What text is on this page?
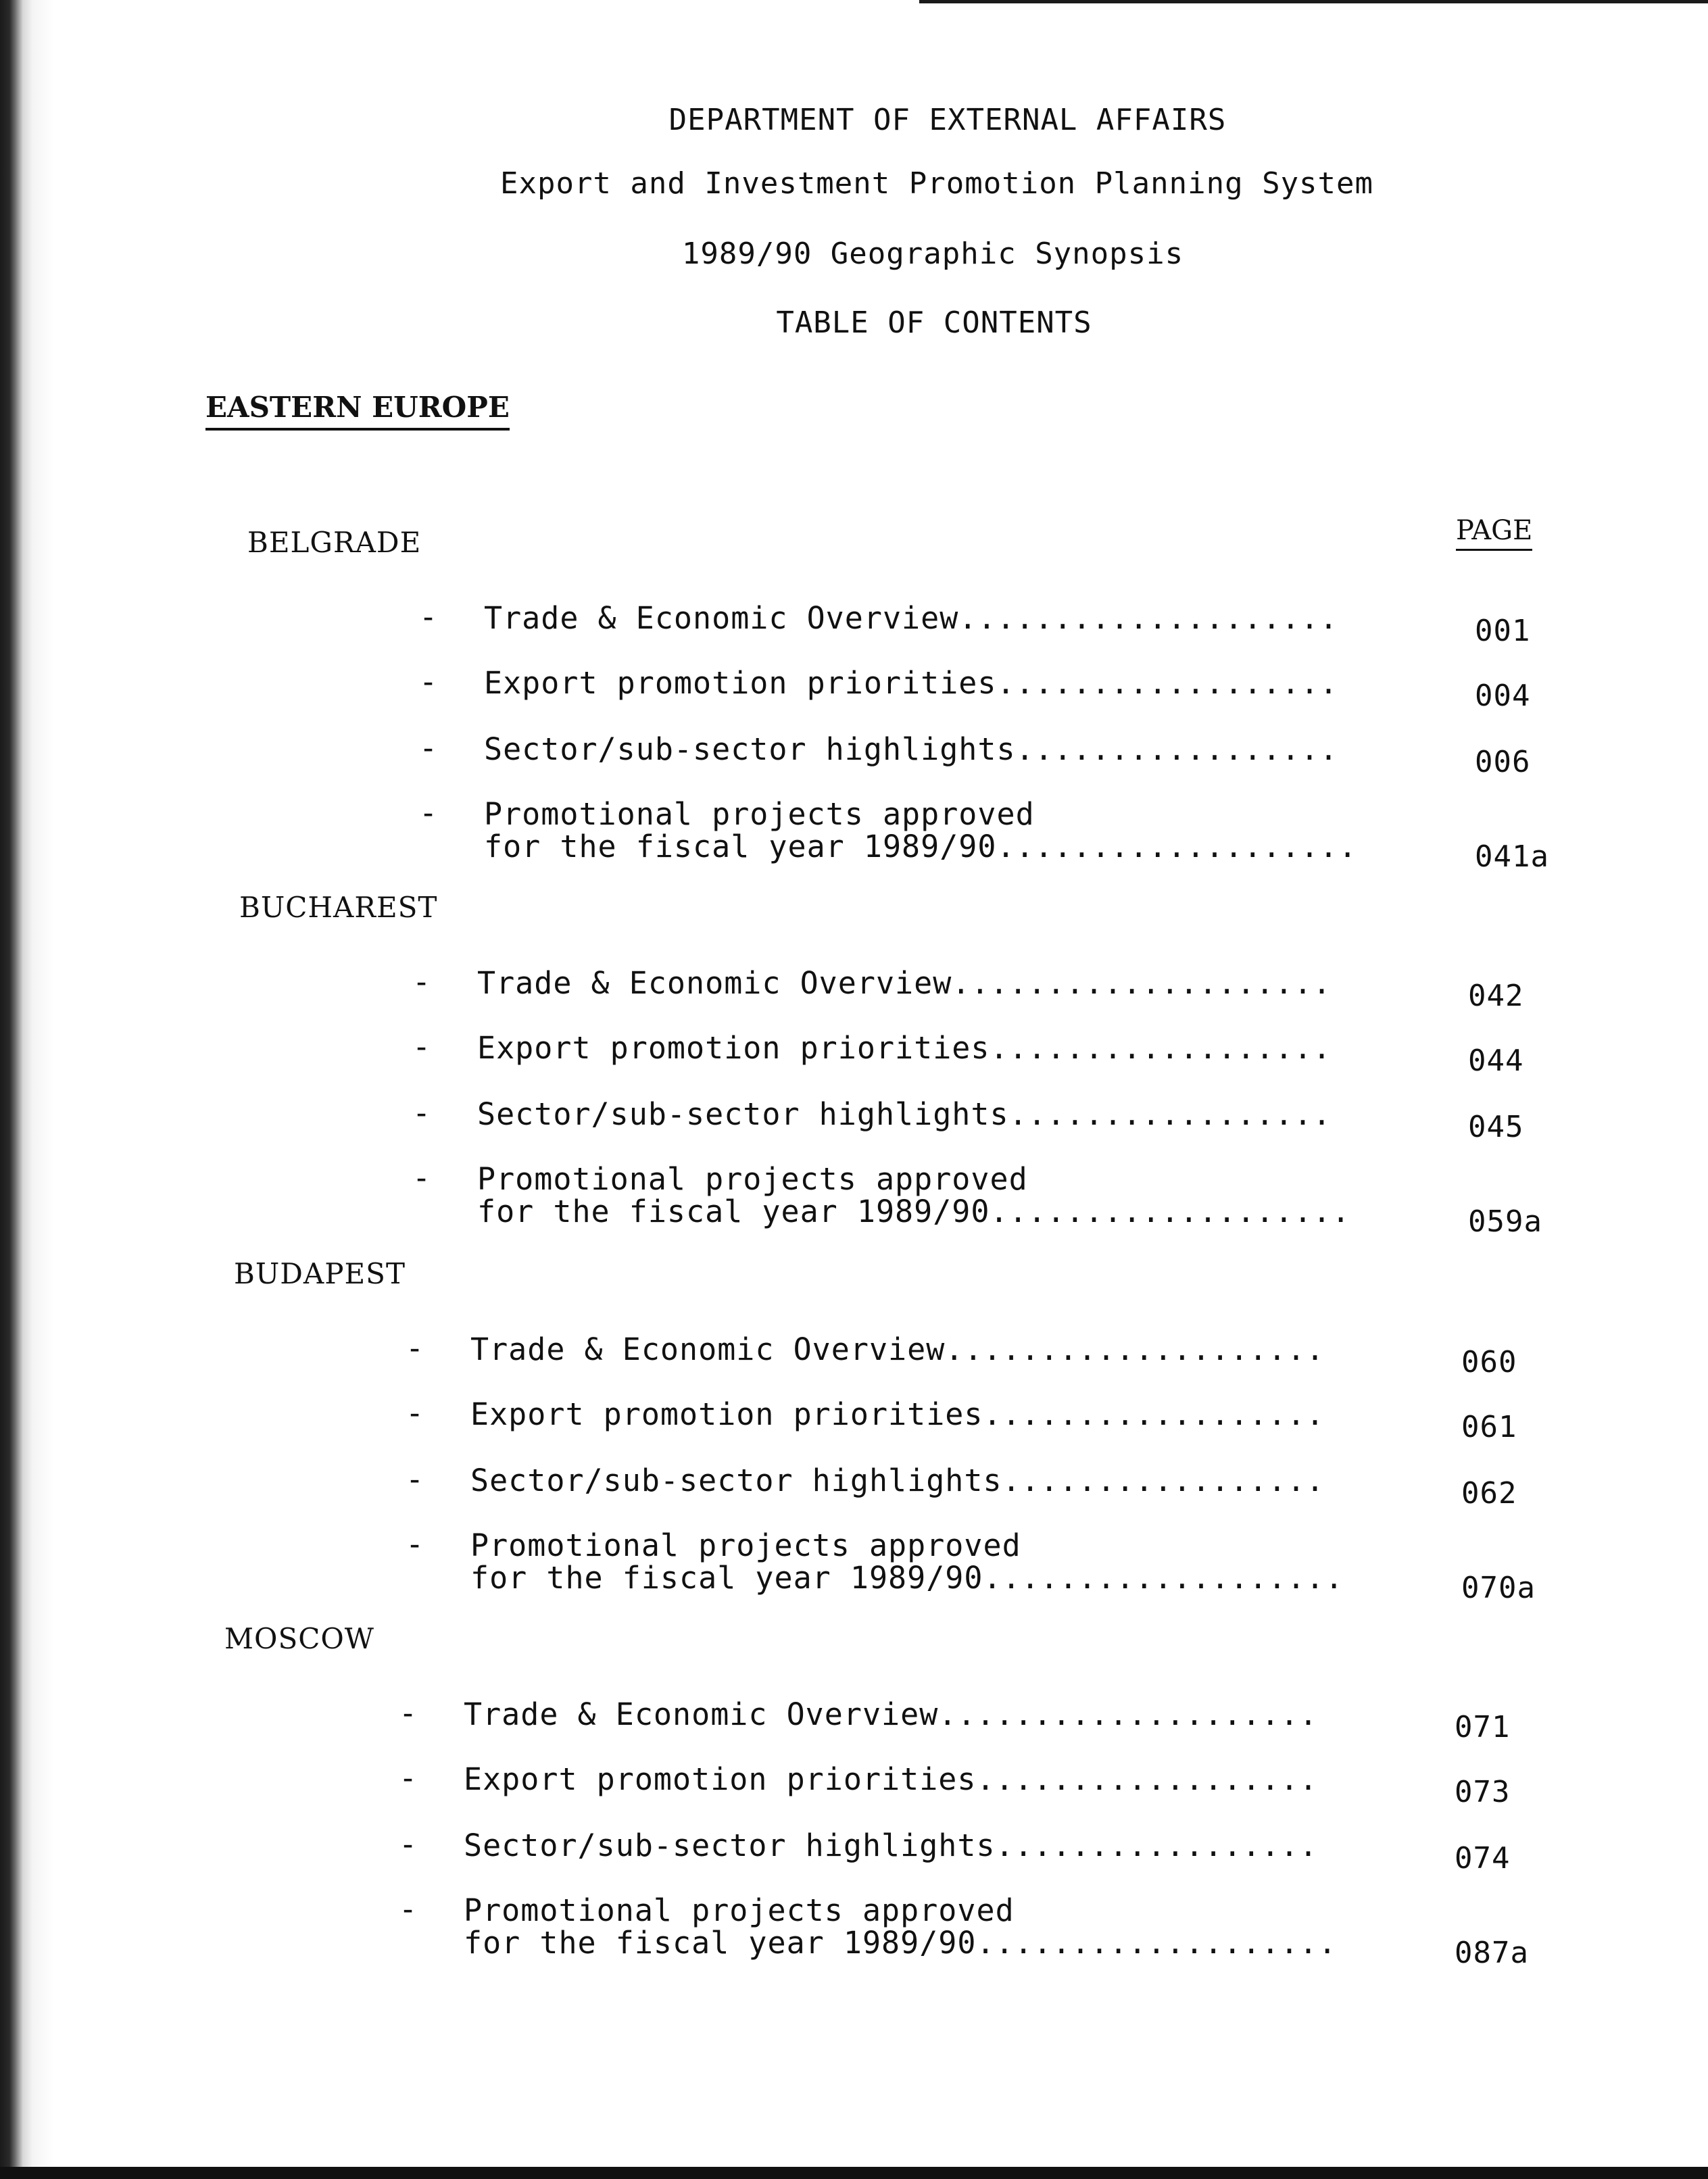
DEPARTMENT OF EXTERNAL AFFAIRS
Export and Investment Promotion Planning System
1989/90 Geographic Synopsis
TABLE OF CONTENTS
EASTERN EUROPE
PAGE
BELGRADE
- Trade & Economic Overview....................	001
- Export promotion priorities..................	004
- Sector/sub-sector highlights.................	006
- Promotional projects approved
for the fiscal year 1989/90...................	041a
BUCHAREST
- Trade & Economic Overview....................	042
- Export promotion priorities..................	044
- Sector/sub-sector highlights.................	045
- Promotional projects approved
for the fiscal year 1989/90...................	059a
BUDAPEST
- Trade & Economic Overview....................	060
- Export promotion priorities..................	061
- Sector/sub-sector highlights.................	062
- Promotional projects approved
for the fiscal year 1989/90...................	070a
MOSCOW
- Trade & Economic Overview....................	071
- Export promotion priorities..................	073
- Sector/sub-sector highlights.................	074
- Promotional projects approved
for the fiscal year 1989/90...................	087a
